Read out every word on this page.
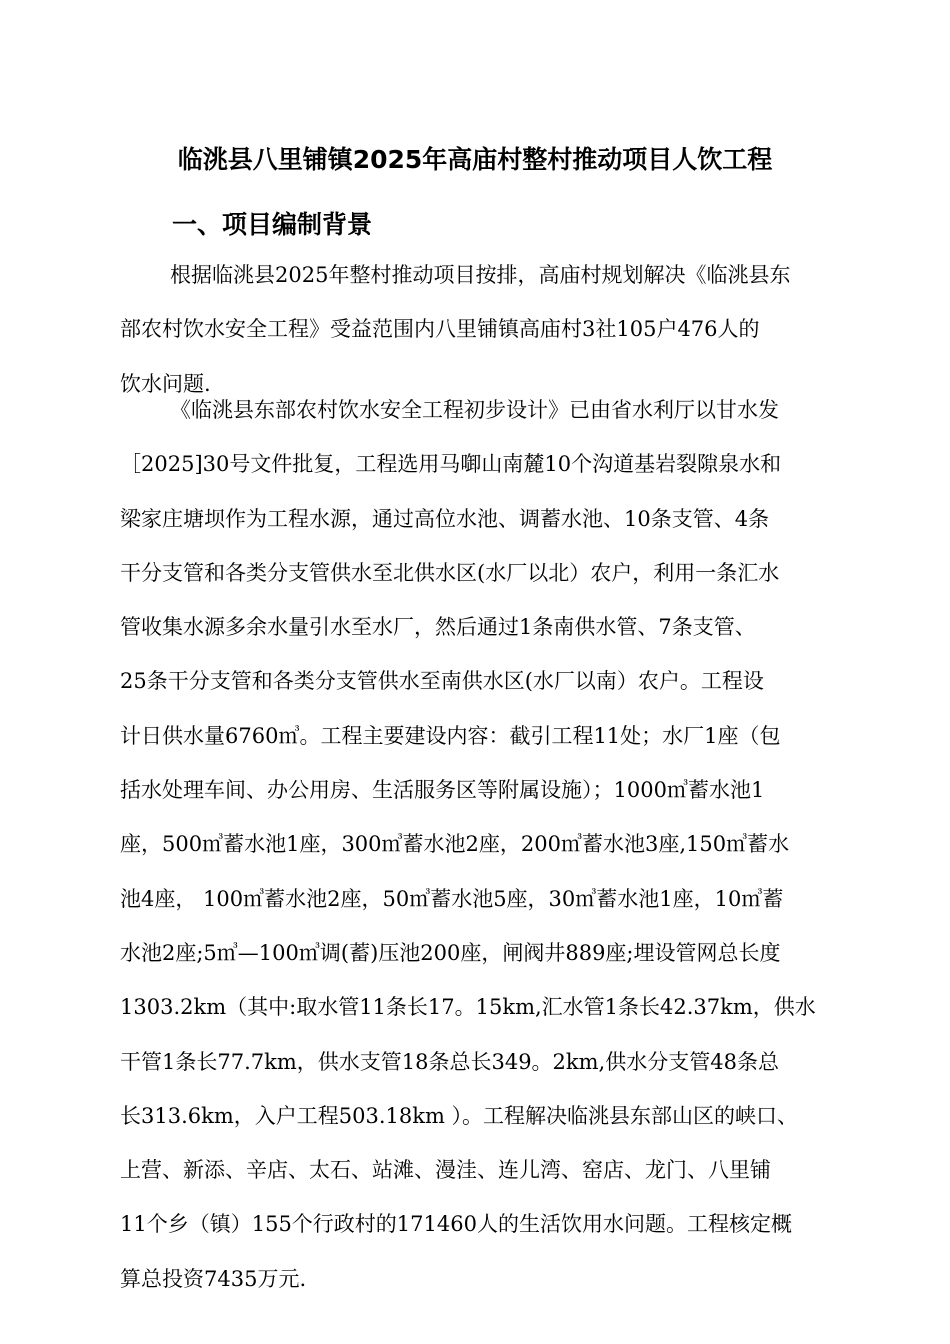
临洮县八里铺镇2025年高庙村整村推动项目人饮工程
一、项目编制背景
根据临洮县2025年整村推动项目按排，高庙村规划解决《临洮县东
部农村饮水安全工程》受益范围内八里铺镇高庙村3社105户476人的
饮水问题.
《临洮县东部农村饮水安全工程初步设计》已由省水利厅以甘水发
［2025]30号文件批复，工程选用马啣山南麓10个沟道基岩裂隙泉水和
梁家庄塘坝作为工程水源，通过高位水池、调蓄水池、10条支管、4条
干分支管和各类分支管供水至北供水区(水厂以北）农户，利用一条汇水
管收集水源多余水量引水至水厂，然后通过1条南供水管、7条支管、
25条干分支管和各类分支管供水至南供水区(水厂以南）农户。工程设
计日供水量6760㎥。工程主要建设内容：截引工程11处；水厂1座（包
括水处理车间、办公用房、生活服务区等附属设施）；1000㎥蓄水池1
座，500㎥蓄水池1座，300㎥蓄水池2座，200㎥蓄水池3座,150㎥蓄水
池4座， 100㎥蓄水池2座，50㎥蓄水池5座，30㎥蓄水池1座，10㎥蓄
水池2座;5㎥—100㎥调(蓄)压池200座，闸阀井889座;埋设管网总长度
1303.2km（其中:取水管11条长17。15km,汇水管1条长42.37km，供水
干管1条长77.7km，供水支管18条总长349。2km,供水分支管48条总
长313.6km，入户工程503.18km ）。工程解决临洮县东部山区的峡口、
上营、新添、辛店、太石、站滩、漫洼、连儿湾、窑店、龙门、八里铺
11个乡（镇）155个行政村的171460人的生活饮用水问题。工程核定概
算总投资7435万元.
